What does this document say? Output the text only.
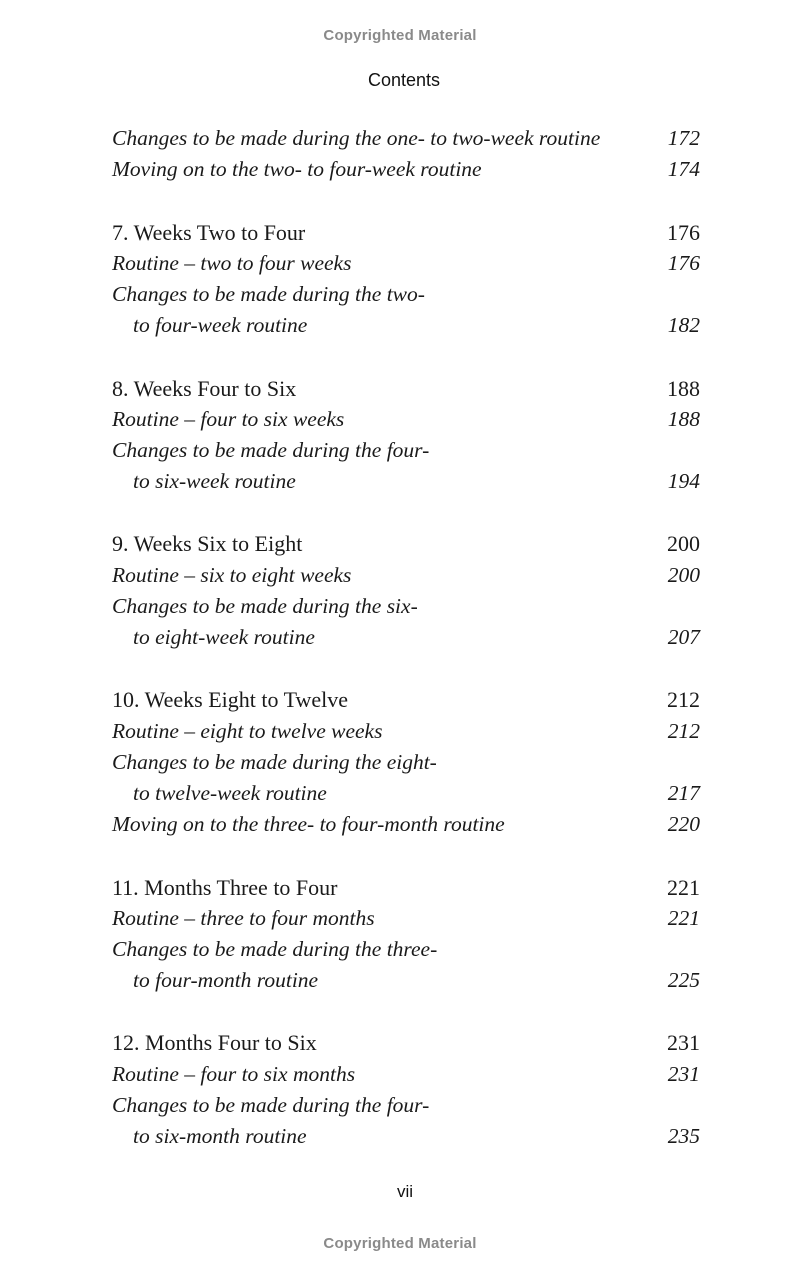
Copyrighted Material
Contents
Changes to be made during the one- to two-week routine	172
Moving on to the two- to four-week routine	174
7. Weeks Two to Four	176
Routine – two to four weeks	176
Changes to be made during the two-
to four-week routine	182
8. Weeks Four to Six	188
Routine – four to six weeks	188
Changes to be made during the four-
to six-week routine	194
9. Weeks Six to Eight	200
Routine – six to eight weeks	200
Changes to be made during the six-
to eight-week routine	207
10. Weeks Eight to Twelve	212
Routine – eight to twelve weeks	212
Changes to be made during the eight-
to twelve-week routine	217
Moving on to the three- to four-month routine	220
11. Months Three to Four	221
Routine – three to four months	221
Changes to be made during the three-
to four-month routine	225
12. Months Four to Six	231
Routine – four to six months	231
Changes to be made during the four-
to six-month routine	235
vii
Copyrighted Material
